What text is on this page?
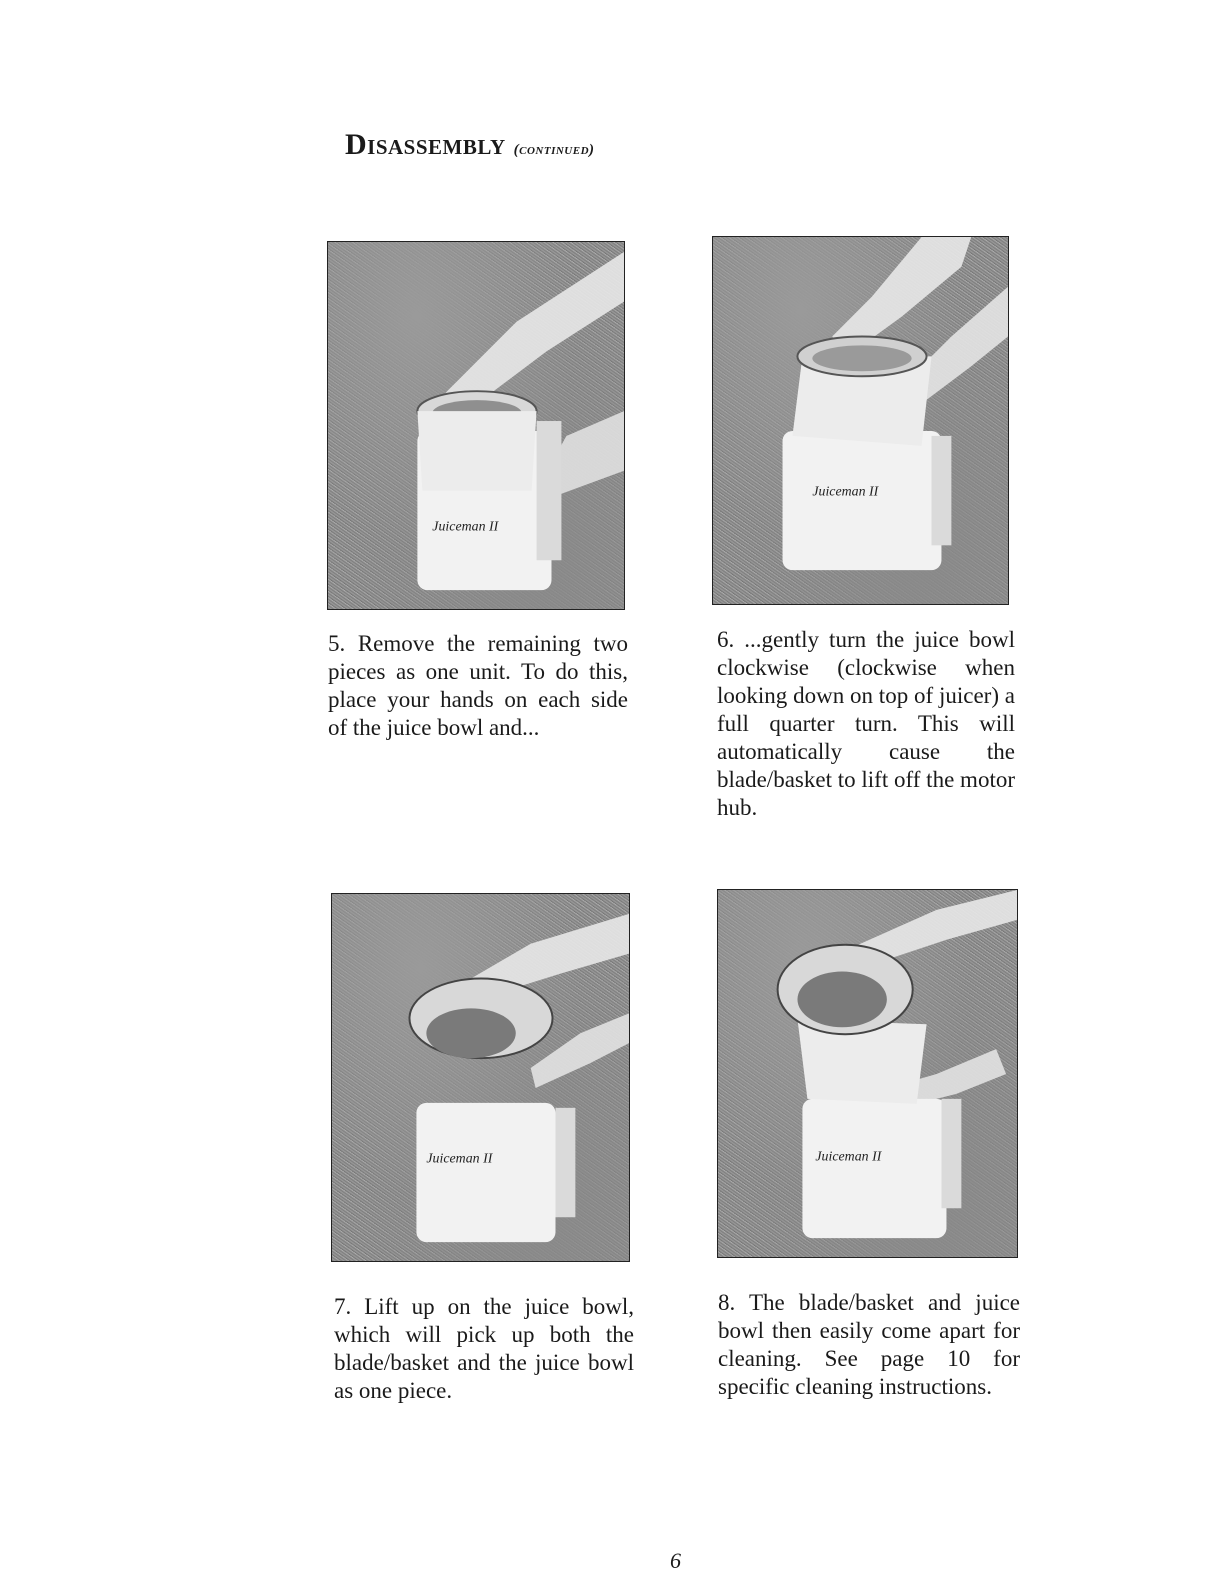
Disassembly (continued)
Juiceman II
Juiceman II
Juiceman II	Juiceman II
5. Remove the remaining two pieces as one unit. To do this, place your hands on each side of the juice bowl and...
6. ...gently turn the juice bowl clockwise (clockwise when looking down on top of juicer) a full quarter turn. This will automatically cause the blade/basket to lift off the motor hub.
7. Lift up on the juice bowl, which will pick up both the blade/basket and the juice bowl as one piece.
8. The blade/basket and juice bowl then easily come apart for cleaning. See page 10 for specific cleaning instructions.
6
